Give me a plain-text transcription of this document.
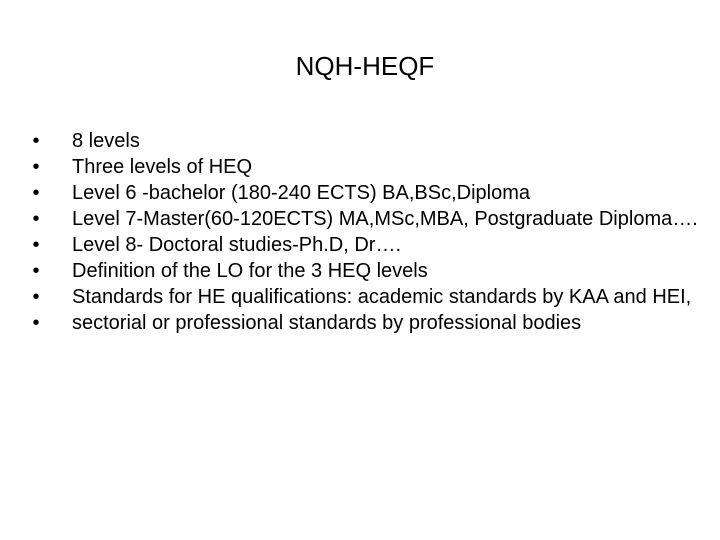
NQH-HEQF
•	8 levels
•	Three levels of HEQ
•	Level 6 -bachelor (180-240 ECTS) BA,BSc,Diploma
•	Level 7-Master(60-120ECTS) MA,MSc,MBA, Postgraduate Diploma….
•	Level 8- Doctoral studies-Ph.D, Dr….
•	Definition of the LO for the 3 HEQ levels
•	Standards for HE qualifications: academic standards by KAA and HEI,
•	sectorial or professional standards by professional bodies
